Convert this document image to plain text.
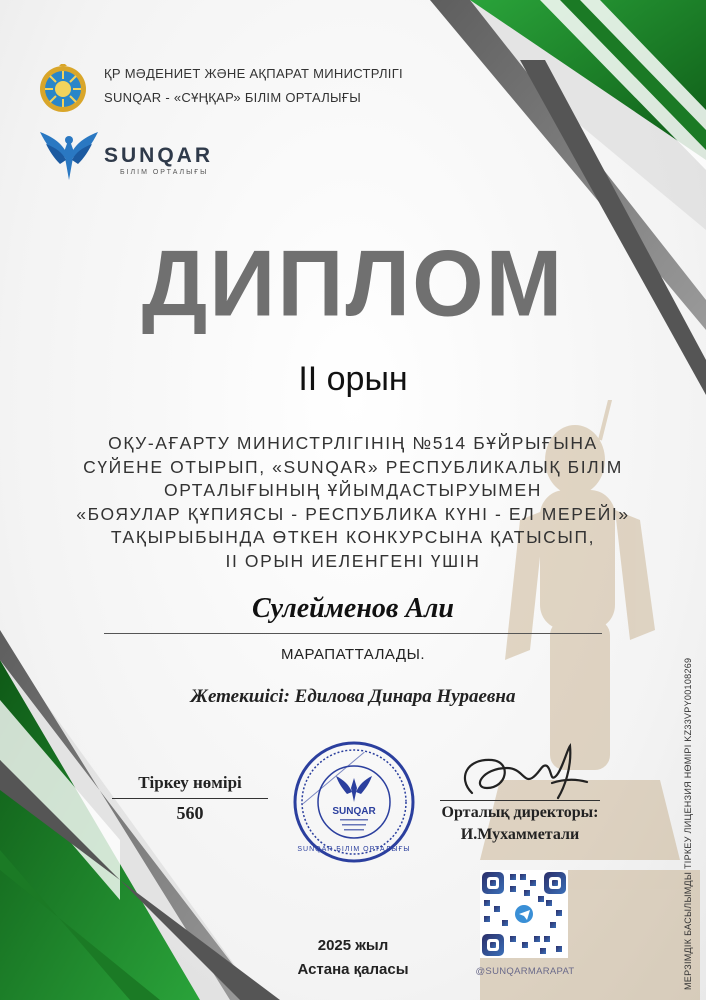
ҚР МӘДЕНИЕТ ЖӘНЕ АҚПАРАТ МИНИСТРЛІГІ
SUNQAR - «СҰҢҚАР» БІЛІМ ОРТАЛЫҒЫ
SUNQAR
БІЛІМ ОРТАЛЫҒЫ
ДИПЛОМ
II орын
ОҚУ-АҒАРТУ МИНИСТРЛІГІНІҢ №514 БҰЙРЫҒЫНА
СҮЙЕНЕ ОТЫРЫП, «SUNQAR» РЕСПУБЛИКАЛЫҚ БІЛІМ
ОРТАЛЫҒЫНЫҢ ҰЙЫМДАСТЫРУЫМЕН
«БОЯУЛАР ҚҰПИЯСЫ - РЕСПУБЛИКА КҮНІ - ЕЛ МЕРЕЙІ»
ТАҚЫРЫБЫНДА ӨТКЕН КОНКУРСЫНА ҚАТЫСЫП,
II ОРЫН ИЕЛЕНГЕНІ ҮШІН
Сулейменов Али
МАРАПАТТАЛАДЫ.
Жетекшісі: Едилова Динара Нураевна
Тіркеу нөмірі
560	SUNQAR
SUNQAR БІЛІМ ОРТАЛЫҒЫ
Орталық директоры:
И.Мухамметали
2025 жыл
Астана қаласы	@SUNQARMARAPAT	МЕРЗІМДІК БАСЫЛЫМДЫ ТІРКЕУ ЛИЦЕНЗИЯ НӨМІРІ KZ33VPY00108269
